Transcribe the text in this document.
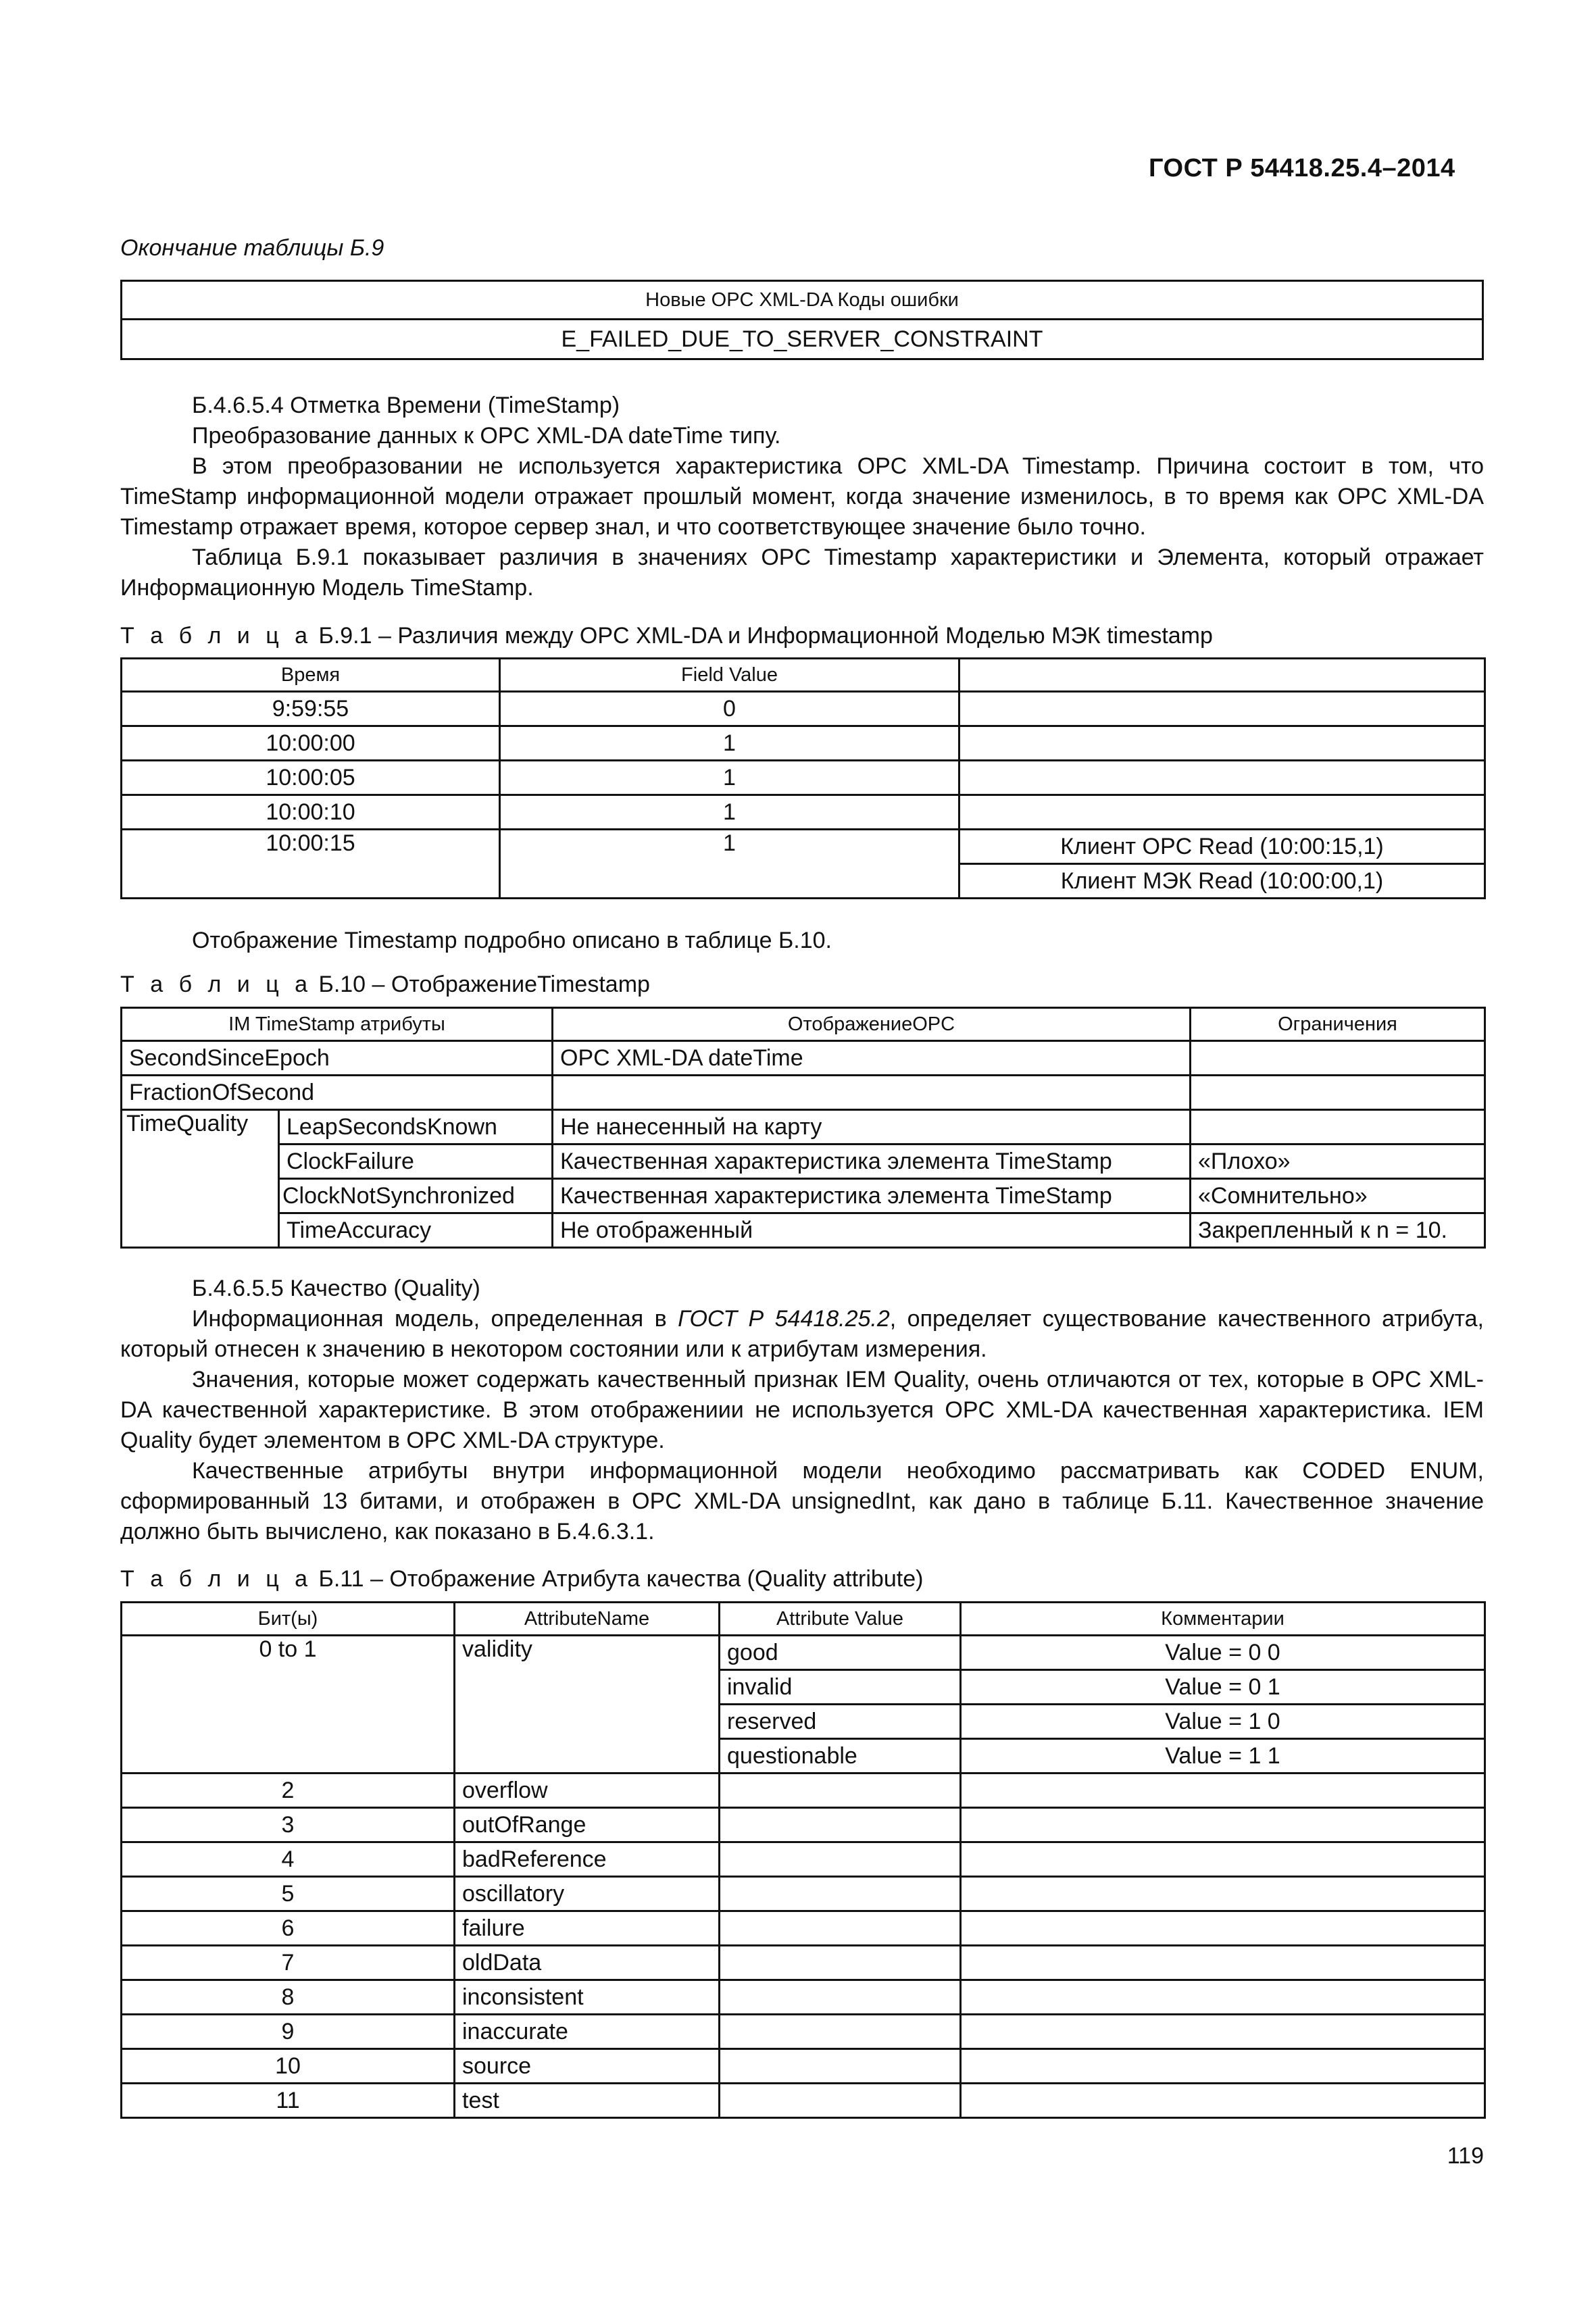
ГОСТ Р 54418.25.4–2014
Окончание таблицы Б.9
Новые OPC XML-DA Коды ошибки
E_FAILED_DUE_TO_SERVER_CONSTRAINT
Б.4.6.5.4 Отметка Времени (TimeStamp)
Преобразование данных к OPC XML-DA dateTime типу.
В этом преобразовании не используется характеристика OPC XML-DA Timestamp. Причина состоит в том, что TimeStamp информационной модели отражает прошлый момент, когда значение изменилось, в то время как OPC XML-DA Timestamp отражает время, которое сервер знал, и что соответствующее значение было точно.
Таблица Б.9.1 показывает различия в значениях OPC Timestamp характеристики и Элемента, который отражает Информационную Модель TimeStamp.
Т а б л и ц а Б.9.1 – Различия между OPC XML-DA и Информационной Моделью МЭК timestamp
Время	Field Value	
9:59:55	0	
10:00:00	1	
10:00:05	1	
10:00:10	1	
10:00:15	1	Клиент OPC Read (10:00:15,1)
		Клиент МЭК Read (10:00:00,1)
Отображение Timestamp подробно описано в таблице Б.10.
Т а б л и ц а Б.10 – ОтображениеTimestamp
IM TimeStamp атрибуты		ОтображениеOPC	Ограничения
SecondSinceEpoch		OPC XML-DA dateTime	
FractionOfSecond			
TimeQuality	LeapSecondsKnown	Не нанесенный на карту	
	ClockFailure	Качественная характеристика элемента TimeStamp	«Плохо»
	ClockNotSynchronized	Качественная характеристика элемента TimeStamp	«Сомнительно»
	TimeAccuracy	Не отображенный	Закрепленный к n = 10.
Б.4.6.5.5 Качество (Quality)
Информационная модель, определенная в ГОСТ Р 54418.25.2, определяет существование качественного атрибута, который отнесен к значению в некотором состоянии или к атрибутам измерения.
Значения, которые может содержать качественный признак IEM Quality, очень отличаются от тех, которые в OPC XML-DA качественной характеристике. В этом отображениии не используется OPC XML-DA качественная характеристика. IEM Quality будет элементом в OPC XML-DA структуре.
Качественные атрибуты внутри информационной модели необходимо рассматривать как CODED ENUM, сформированный 13 битами, и отображен в OPC XML-DA unsignedInt, как дано в таблице Б.11. Качественное значение должно быть вычислено, как показано в Б.4.6.3.1.
Т а б л и ц а Б.11 – Отображение Атрибута качества (Quality attribute)
Бит(ы)	AttributeName	Attribute Value	Комментарии
0 to 1	validity	good	Value = 0 0
		invalid	Value = 0 1
		reserved	Value = 1 0
		questionable	Value = 1 1
2	overflow		
3	outOfRange		
4	badReference		
5	oscillatory		
6	failure		
7	oldData		
8	inconsistent		
9	inaccurate		
10	source		
11	test		
119
